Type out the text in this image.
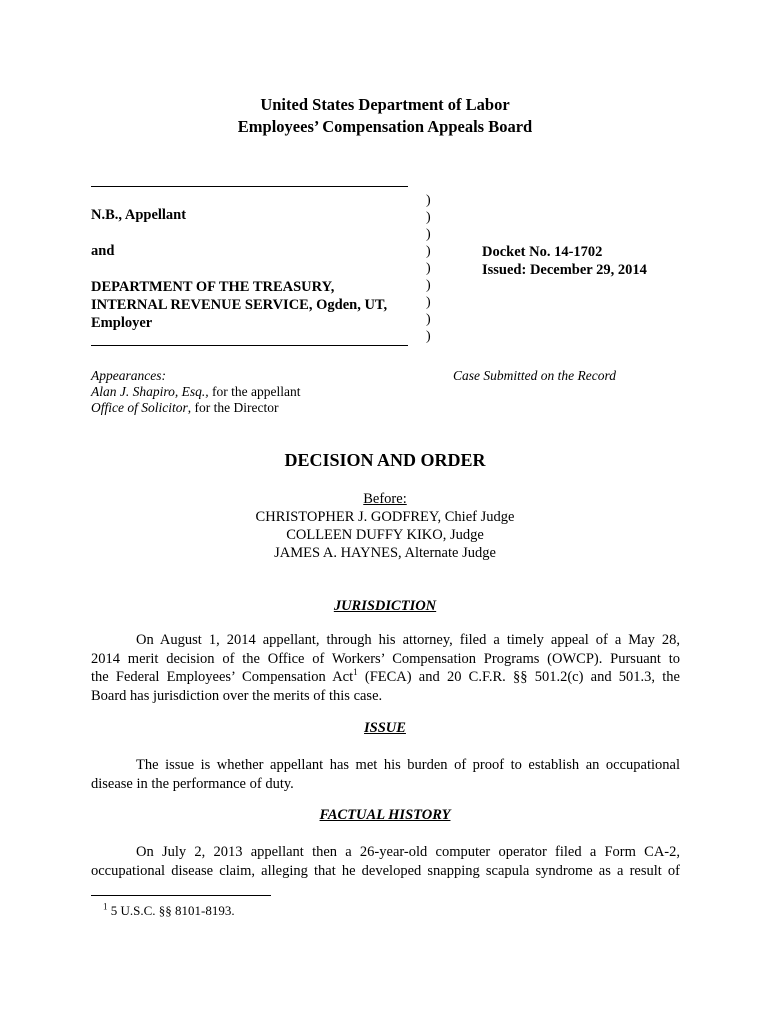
United States Department of Labor
Employees’ Compensation Appeals Board
N.B., Appellant
and
DEPARTMENT OF THE TREASURY,
INTERNAL REVENUE SERVICE, Ogden, UT,
Employer
)
)
)
)
)
)
)
)
)
Docket No. 14-1702
Issued: December 29, 2014
Appearances:
Alan J. Shapiro, Esq., for the appellant
Office of Solicitor, for the Director
Case Submitted on the Record
DECISION AND ORDER
Before:
CHRISTOPHER J. GODFREY, Chief Judge
COLLEEN DUFFY KIKO, Judge
JAMES A. HAYNES, Alternate Judge
JURISDICTION
On August 1, 2014 appellant, through his attorney, filed a timely appeal of a May 28,
2014 merit decision of the Office of Workers’ Compensation Programs (OWCP). Pursuant to
the Federal Employees’ Compensation Act$^1$ (FECA) and 20 C.F.R. §§ 501.2(c) and 501.3, the
Board has jurisdiction over the merits of this case.
ISSUE
The issue is whether appellant has met his burden of proof to establish an occupational
disease in the performance of duty.
FACTUAL HISTORY
On July 2, 2013 appellant then a 26-year-old computer operator filed a Form CA-2,
occupational disease claim, alleging that he developed snapping scapula syndrome as a result of
$^1$ 5 U.S.C. §§ 8101-8193.
